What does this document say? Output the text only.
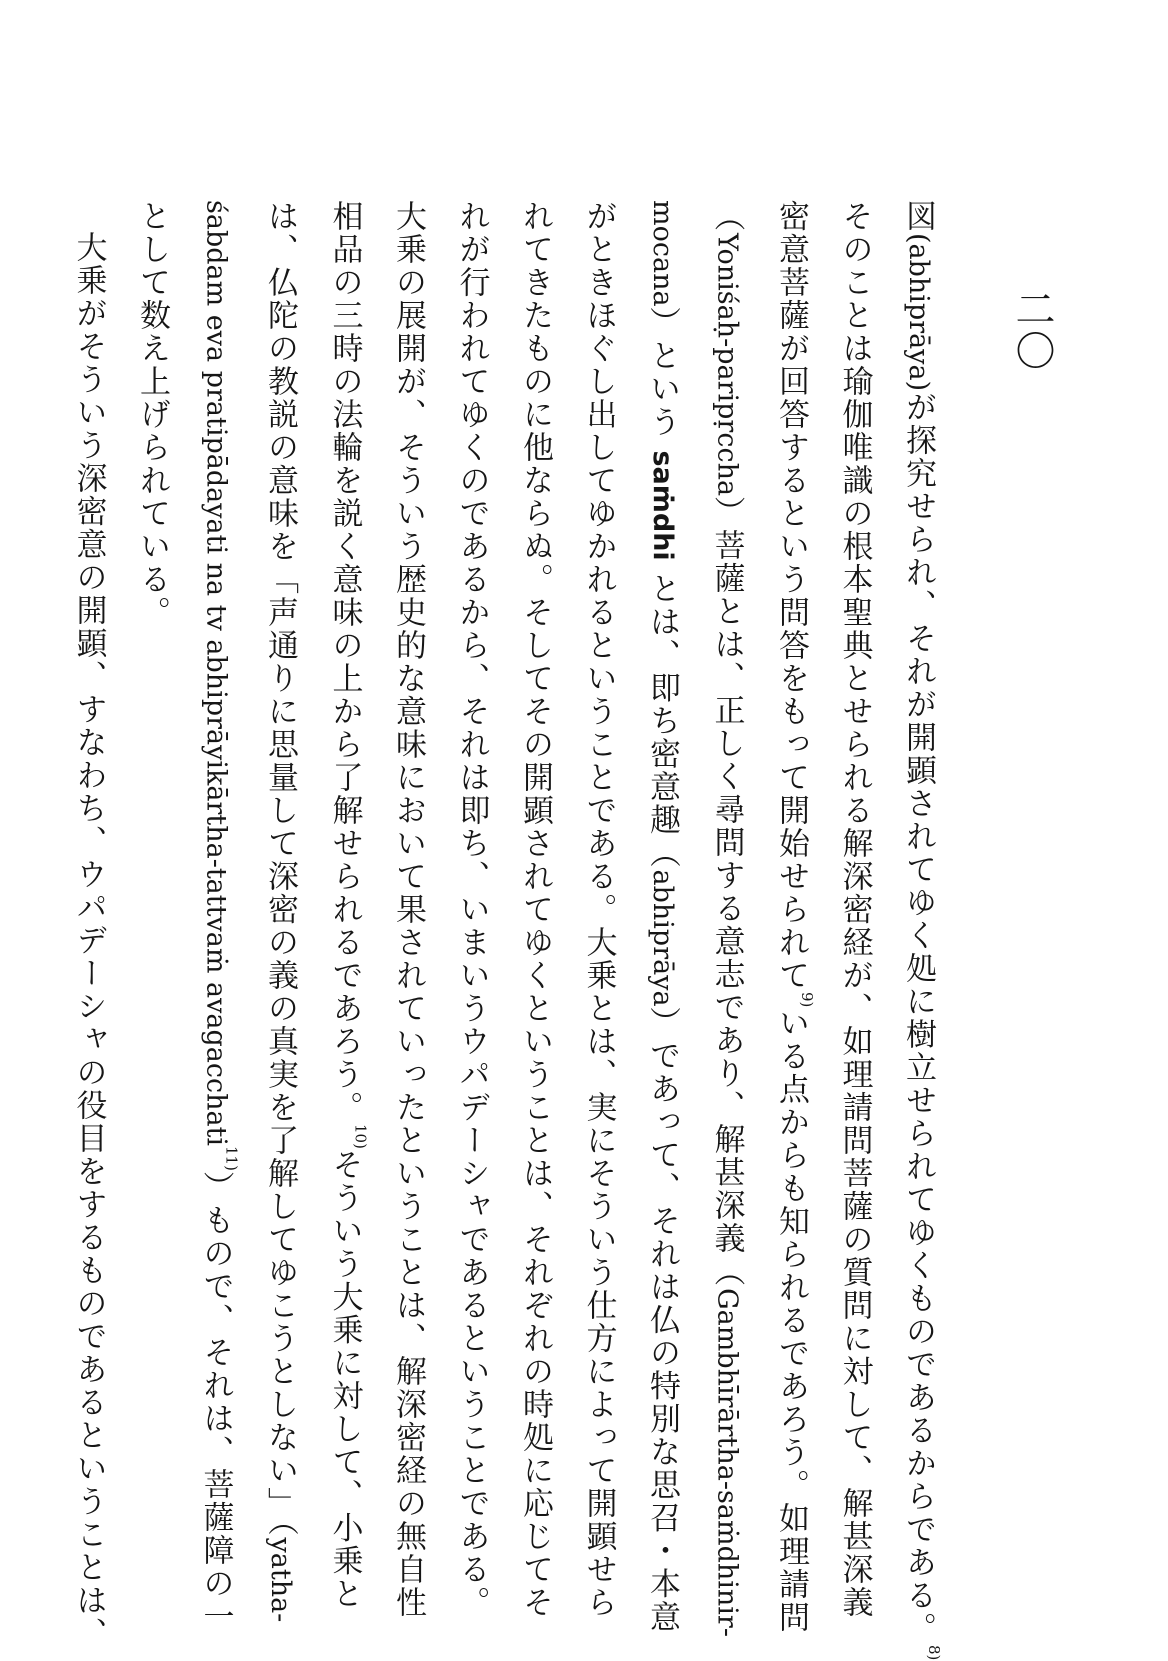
二〇
図(abhiprāya)が探究せられ、それが開顕されてゆく処に樹立せられてゆくものであるからである。8)
そのことは瑜伽唯識の根本聖典とせられる解深密経が、如理請問菩薩の質問に対して、解甚深義
密意菩薩が回答するという問答をもって開始せられて9)いる点からも知られるであろう。如理請問
（Yoniśaḥ-paripṛccha）菩薩とは、正しく尋問する意志であり、解甚深義（Gambhīrārtha-saṁdhinir-
mocana）という saṁdhi とは、即ち密意趣（abhiprāya）であって、それは仏の特別な思召・本意
がときほぐし出してゆかれるということである。大乗とは、実にそういう仕方によって開顕せら
れてきたものに他ならぬ。そしてその開顕されてゆくということは、それぞれの時処に応じてそ
れが行われてゆくのであるから、それは即ち、いまいうウパデーシャであるということである。
大乗の展開が、そういう歴史的な意味において果されていったということは、解深密経の無自性
相品の三時の法輪を説く意味の上から了解せられるであろう。10)そういう大乗に対して、小乗と
は、仏陀の教説の意味を「声通りに思量して深密の義の真実を了解してゆこうとしない」（yatha-
śabdam eva pratipādayati na tv abhiprāyikārtha-tattvaṁ avagacchati11)）もので、それは、菩薩障の一
として数え上げられている。
大乗がそういう深密意の開顕、すなわち、ウパデーシャの役目をするものであるということは、
